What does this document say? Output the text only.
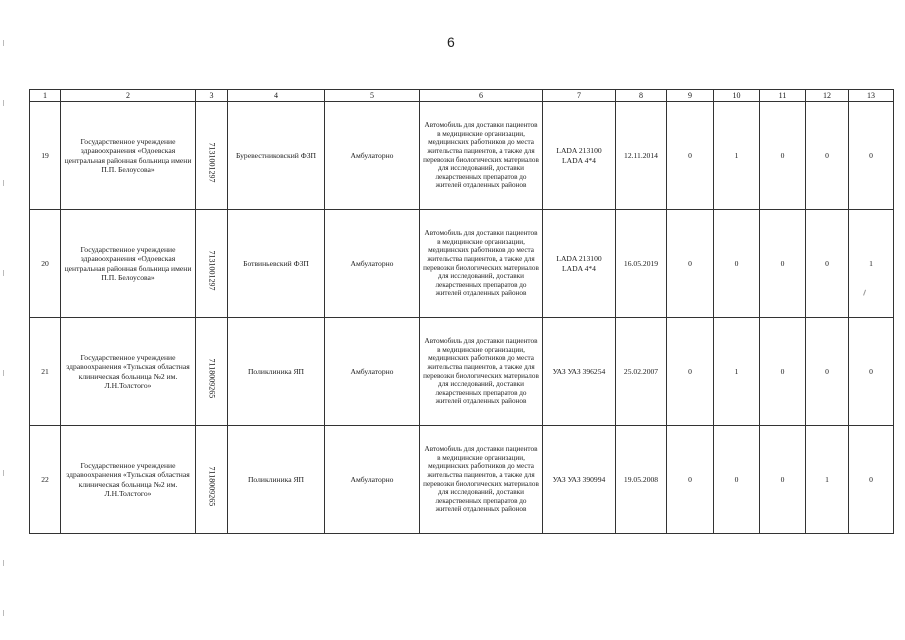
6
1	2	3	4	5	6	7	8	9	10	11	12	13
19	Государственное учреждение здравоохранения «Одоевская центральная районная больница имени П.П. Белоусова»	7131001297	Буревестниковский ФЗП	Амбулаторно	Автомобиль для доставки пациентов в медицинские организации, медицинских работников до места жительства пациентов, а также для перевозки биологических материалов для исследований, доставки лекарственных препаратов до жителей отдаленных районов	LADA 213100 LADA 4*4	12.11.2014	0	1	0	0	0
20	Государственное учреждение здравоохранения «Одоевская центральная районная больница имени П.П. Белоусова»	7131001297	Ботвиньевский ФЗП	Амбулаторно	Автомобиль для доставки пациентов в медицинские организации, медицинских работников до места жительства пациентов, а также для перевозки биологических материалов для исследований, доставки лекарственных препаратов до жителей отдаленных районов	LADA 213100 LADA 4*4	16.05.2019	0	0	0	0	1
21	Государственное учреждение здравоохранения «Тульская областная клиническая больница №2 им. Л.Н.Толстого»	7118009265	Поликлиника ЯП	Амбулаторно	Автомобиль для доставки пациентов в медицинские организации, медицинских работников до места жительства пациентов, а также для перевозки биологических материалов для исследований, доставки лекарственных препаратов до жителей отдаленных районов	УАЗ УАЗ 396254	25.02.2007	0	1	0	0	0
22	Государственное учреждение здравоохранения «Тульская областная клиническая больница №2 им. Л.Н.Толстого»	7118009265	Поликлиника ЯП	Амбулаторно	Автомобиль для доставки пациентов в медицинские организации, медицинских работников до места жительства пациентов, а также для перевозки биологических материалов для исследований, доставки лекарственных препаратов до жителей отдаленных районов	УАЗ УАЗ 390994	19.05.2008	0	0	0	1	0
